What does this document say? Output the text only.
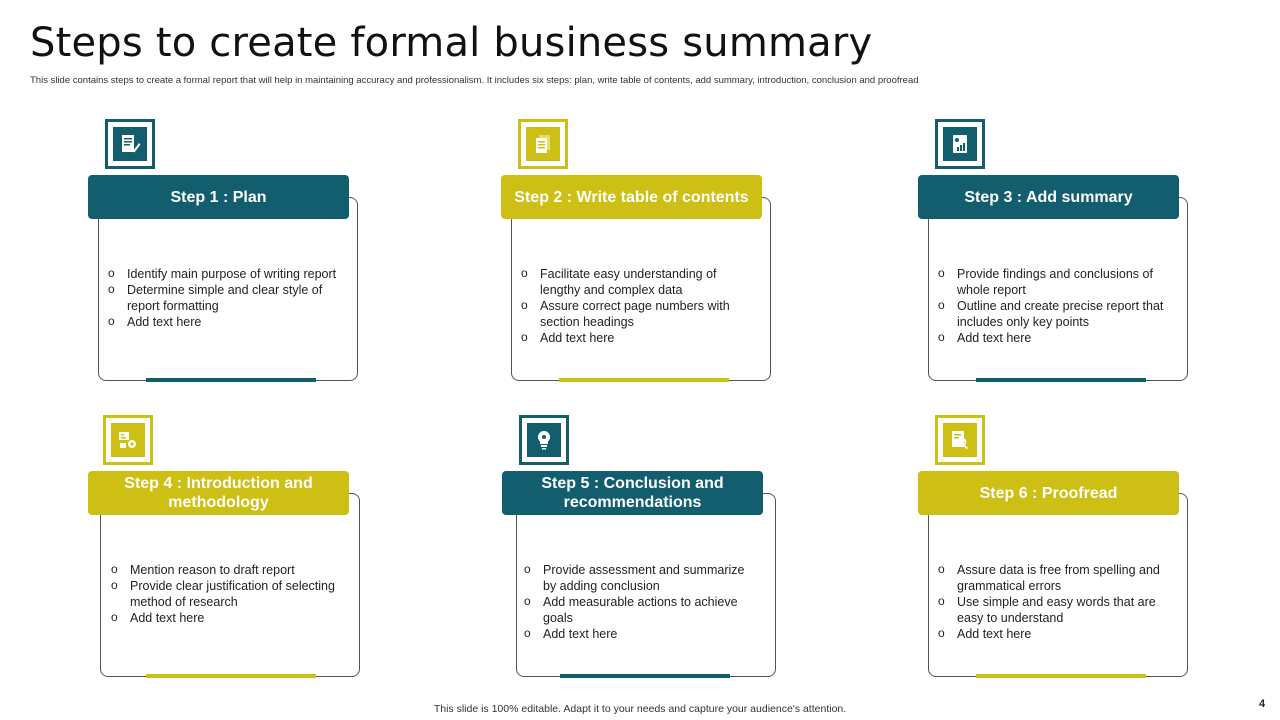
Steps to create formal business summary
This slide contains steps to create a formal report that will help in maintaining accuracy and professionalism. It includes six steps: plan, write table of contents, add summary, introduction, conclusion and proofread
Step 1 : Plan
o Identify main purpose of writing report
o Determine simple and clear style of report formatting
o Add text here
Step 2 : Write table of contents
o Facilitate easy understanding of lengthy and complex data
o Assure correct page numbers with section headings
o Add text here
Step 3 : Add summary
o Provide findings and conclusions of whole report
o Outline and create precise report that includes only key points
o Add text here
Step 4 : Introduction and methodology
o Mention reason to draft report
o Provide clear justification of selecting method of research
o Add text here
Step 5 : Conclusion and recommendations
o Provide assessment and summarize by adding conclusion
o Add measurable actions to achieve goals
o Add text here
Step 6 : Proofread
o Assure data is free from spelling and grammatical errors
o Use simple and easy words that are easy to understand
o Add text here
This slide is 100% editable. Adapt it to your needs and capture your audience's attention.	4
